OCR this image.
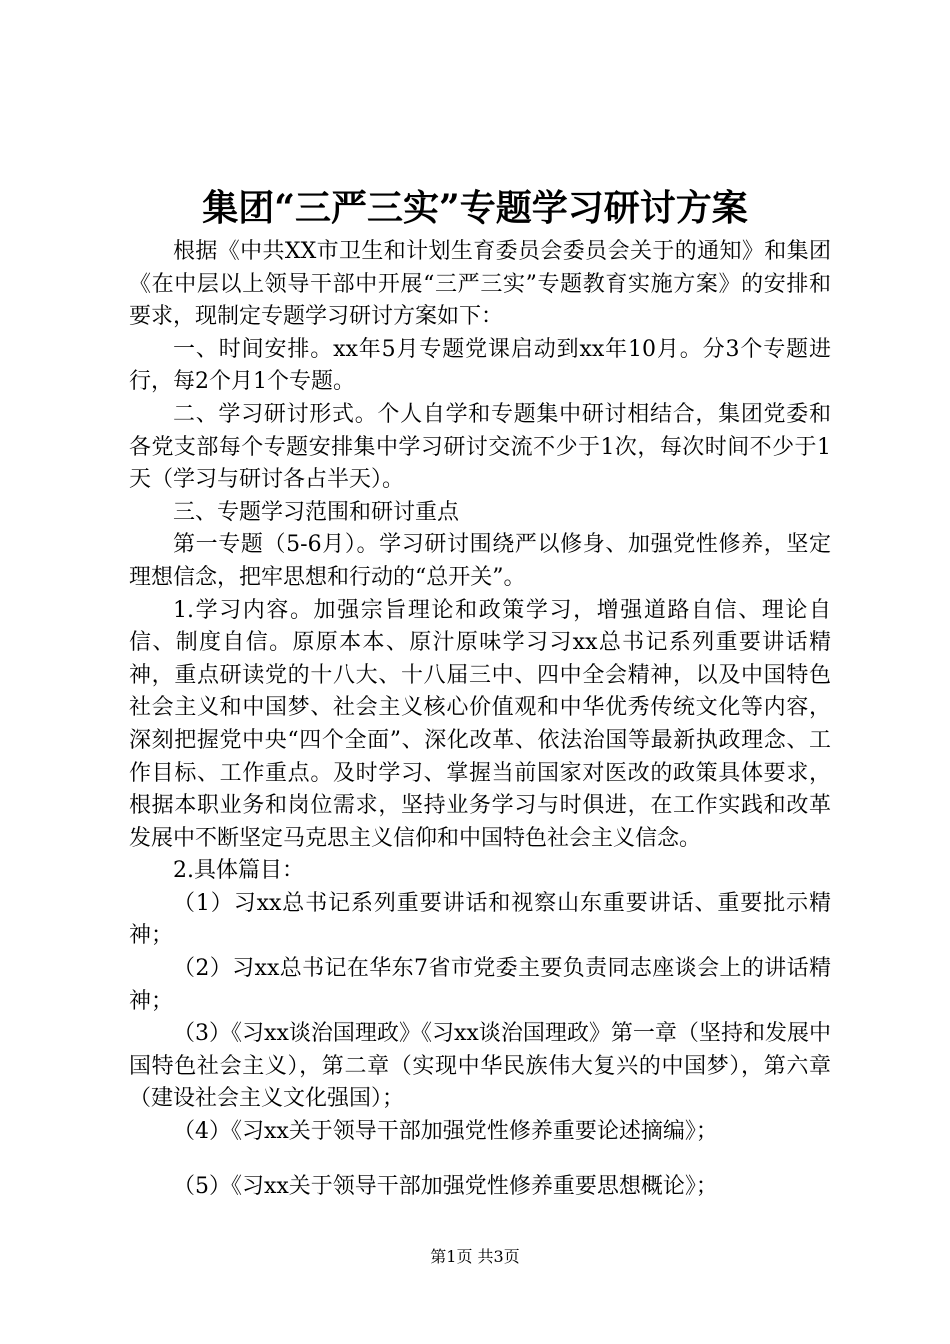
集团“三严三实”专题学习研讨方案

根据《中共XX市卫生和计划生育委员会委员会关于的通知》和集团《在中层以上领导干部中开展“三严三实”专题教育实施方案》的安排和要求，现制定专题学习研讨方案如下：

一、时间安排。xx年5月专题党课启动到xx年10月。分3个专题进行，每2个月1个专题。

二、学习研讨形式。个人自学和专题集中研讨相结合，集团党委和各党支部每个专题安排集中学习研讨交流不少于1次，每次时间不少于1天（学习与研讨各占半天）。

三、专题学习范围和研讨重点

第一专题（5-6月）。学习研讨围绕严以修身、加强党性修养，坚定理想信念，把牢思想和行动的“总开关”。

1.学习内容。加强宗旨理论和政策学习，增强道路自信、理论自信、制度自信。原原本本、原汁原味学习习xx总书记系列重要讲话精神，重点研读党的十八大、十八届三中、四中全会精神，以及中国特色社会主义和中国梦、社会主义核心价值观和中华优秀传统文化等内容，深刻把握党中央“四个全面”、深化改革、依法治国等最新执政理念、工作目标、工作重点。及时学习、掌握当前国家对医改的政策具体要求，根据本职业务和岗位需求，坚持业务学习与时俱进，在工作实践和改革发展中不断坚定马克思主义信仰和中国特色社会主义信念。

2.具体篇目：

（1）习xx总书记系列重要讲话和视察山东重要讲话、重要批示精神；

（2）习xx总书记在华东7省市党委主要负责同志座谈会上的讲话精神；

（3）《习xx谈治国理政》《习xx谈治国理政》第一章（坚持和发展中国特色社会主义），第二章（实现中华民族伟大复兴的中国梦），第六章（建设社会主义文化强国）；

（4）《习xx关于领导干部加强党性修养重要论述摘编》；

（5）《习xx关于领导干部加强党性修养重要思想概论》；

第1页 共3页
